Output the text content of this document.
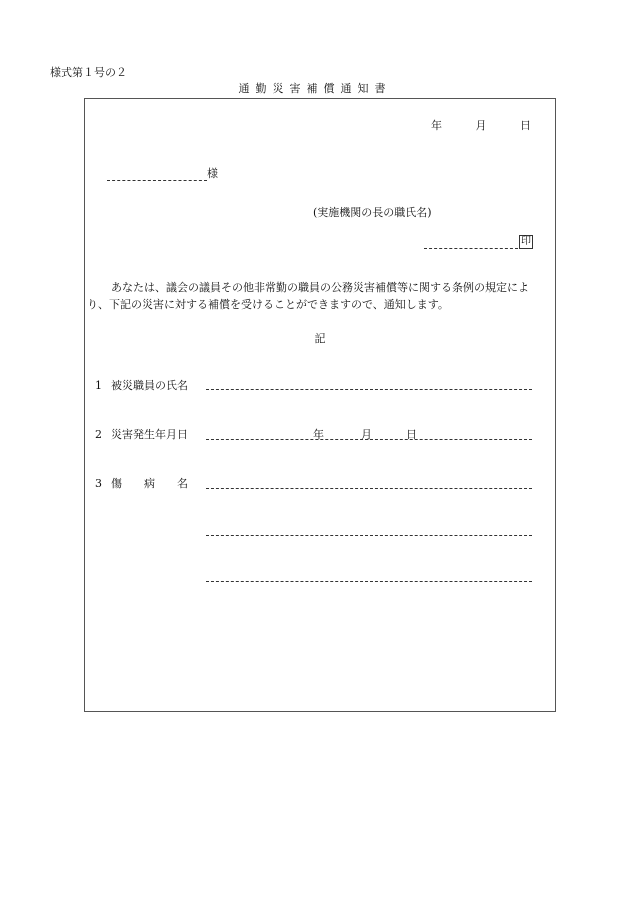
様式第１号の２
通勤災害補償通知書
年	月	日
様
(実施機関の長の職氏名)
印
あなたは、議会の議員その他非常勤の職員の公務災害補償等に関する条例の規定により、下記の災害に対する補償を受けることができますので、通知します。
記
1 被災職員の氏名
2 災害発生年月日	年	月	日
3 傷　　病　　名
